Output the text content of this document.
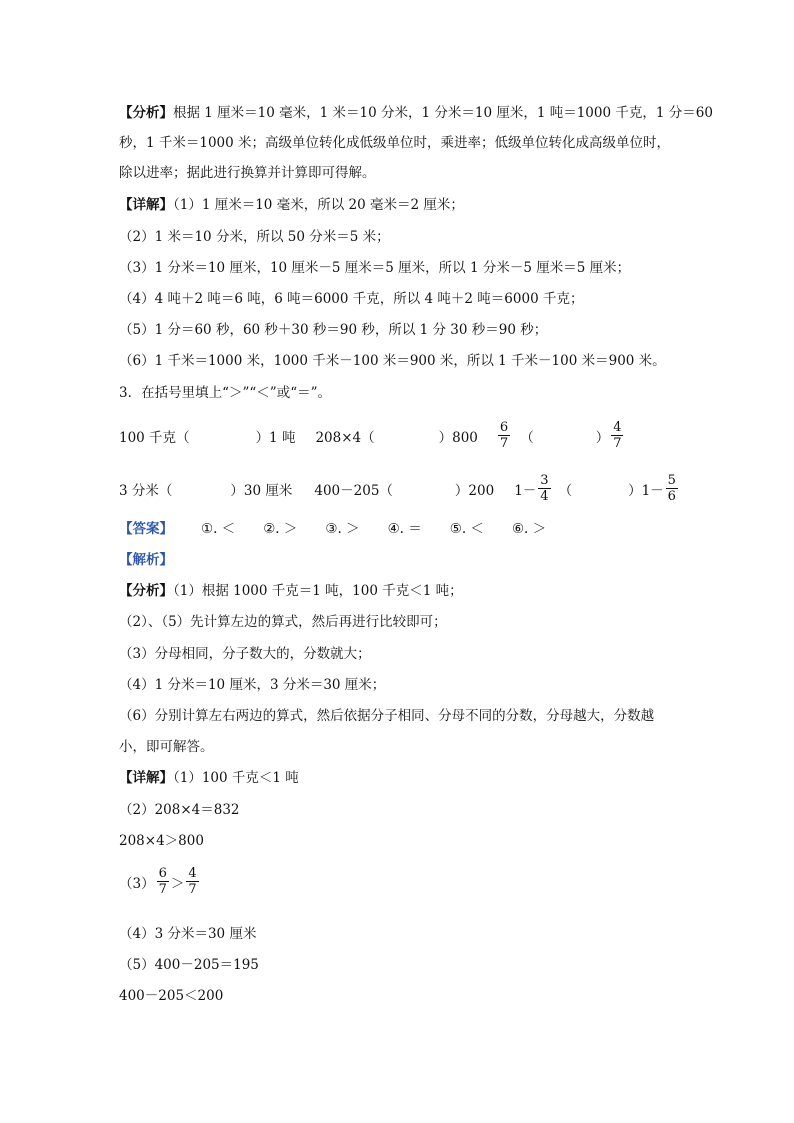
【分析】根据 1 厘米＝10 毫米，1 米＝10 分米，1 分米＝10 厘米，1 吨＝1000 千克，1 分＝60
秒，1 千米＝1000 米；高级单位转化成低级单位时，乘进率；低级单位转化成高级单位时，
除以进率；据此进行换算并计算即可得解。
【详解】（1）1 厘米＝10 毫米，所以 20 毫米＝2 厘米；
（2）1 米＝10 分米，所以 50 分米＝5 米；
（3）1 分米＝10 厘米，10 厘米－5 厘米＝5 厘米，所以 1 分米－5 厘米＝5 厘米；
（4）4 吨＋2 吨＝6 吨，6 吨＝6000 千克，所以 4 吨＋2 吨＝6000 千克；
（5）1 分＝60 秒，60 秒＋30 秒＝90 秒，所以 1 分 30 秒＝90 秒；
（6）1 千米＝1000 米，1000 千米－100 米＝900 米，所以 1 千米－100 米＝900 米。
3．在括号里填上“＞”“＜”或“＝”。
100 千克（	）1 吨 208×4（	）$800 \frac{6}{7}$ （	） $\frac{4}{7}$
3 分米（	）30 厘米 400－205（	）200 $1- \frac{3}{4}$ （	）$1- \frac{5}{6}$
【答案】 ①. ＜ ②. ＞ ③. ＞ ④. ＝ ⑤. ＜ ⑥. ＞
【解析】
【分析】（1）根据 1000 千克＝1 吨，100 千克＜1 吨；
（2）、（5）先计算左边的算式，然后再进行比较即可；
（3）分母相同，分子数大的，分数就大；
（4）1 分米＝10 厘米，3 分米＝30 厘米；
（6）分别计算左右两边的算式，然后依据分子相同、分母不同的分数，分母越大，分数越
小，即可解答。
【详解】（1）100 千克＜1 吨
（2）208×4＝832
208×4＞800
$(3) \frac{6}{7} > \frac{4}{7}$
（4）3 分米＝30 厘米
（5）400－205＝195
400－205＜200
